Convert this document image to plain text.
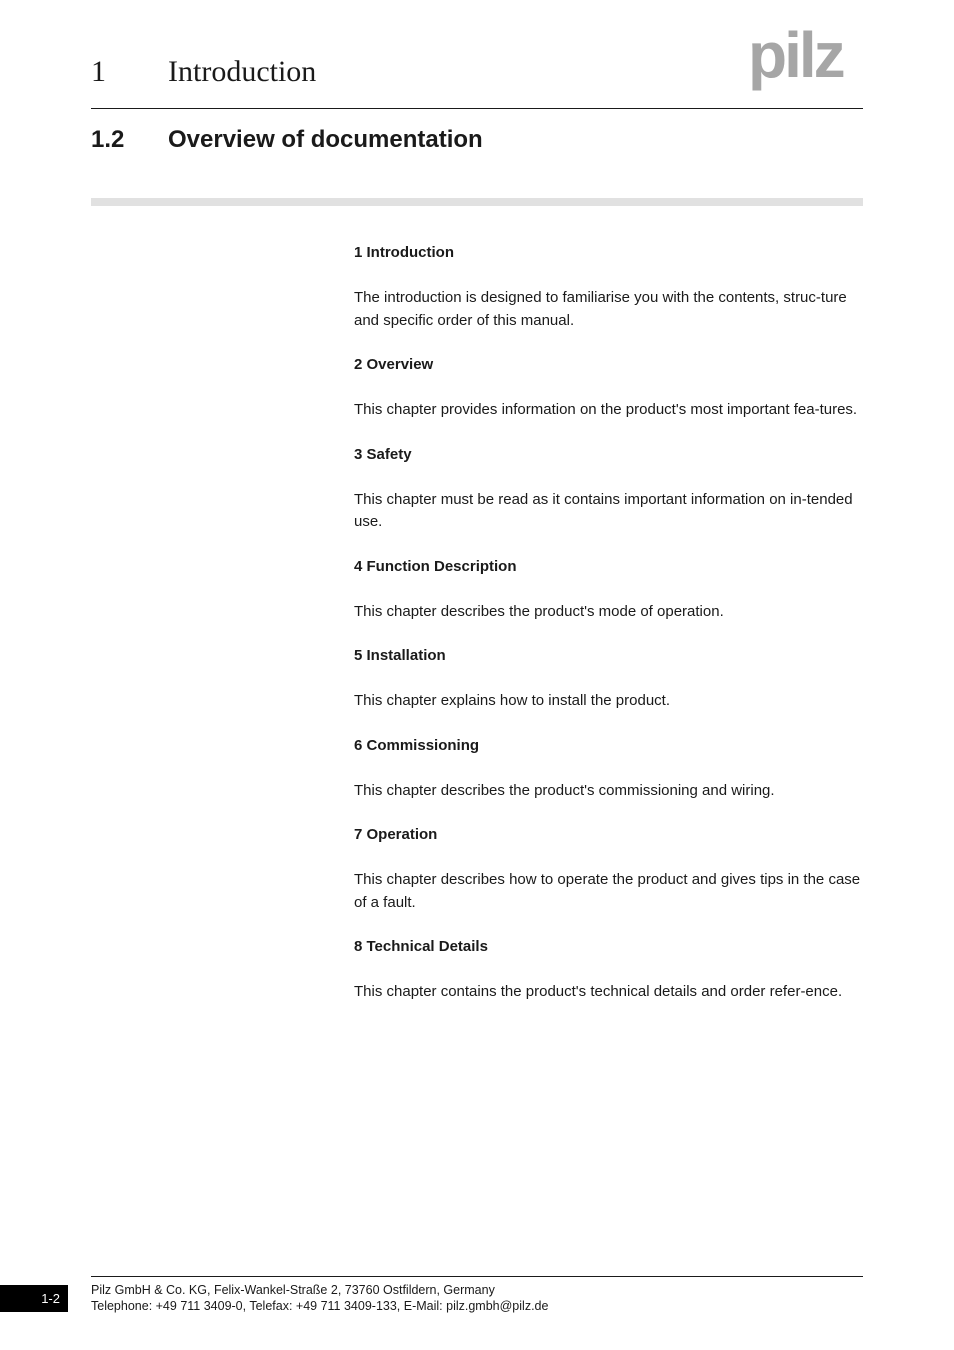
1 Introduction	pilz
1.2 Overview of documentation
1 Introduction
The introduction is designed to familiarise you with the contents, struc-ture and specific order of this manual.
2 Overview
This chapter provides information on the product's most important fea-tures.
3 Safety
This chapter must be read as it contains important information on in-tended use.
4 Function Description
This chapter describes the product's mode of operation.
5 Installation
This chapter explains how to install the product.
6 Commissioning
This chapter describes the product's commissioning and wiring.
7 Operation
This chapter describes how to operate the product and gives tips in the case of a fault.
8 Technical Details
This chapter contains the product's technical details and order refer-ence.
1-2
Pilz GmbH & Co. KG, Felix-Wankel-Straße 2, 73760 Ostfildern, Germany
Telephone: +49 711 3409-0, Telefax: +49 711 3409-133, E-Mail: pilz.gmbh@pilz.de
